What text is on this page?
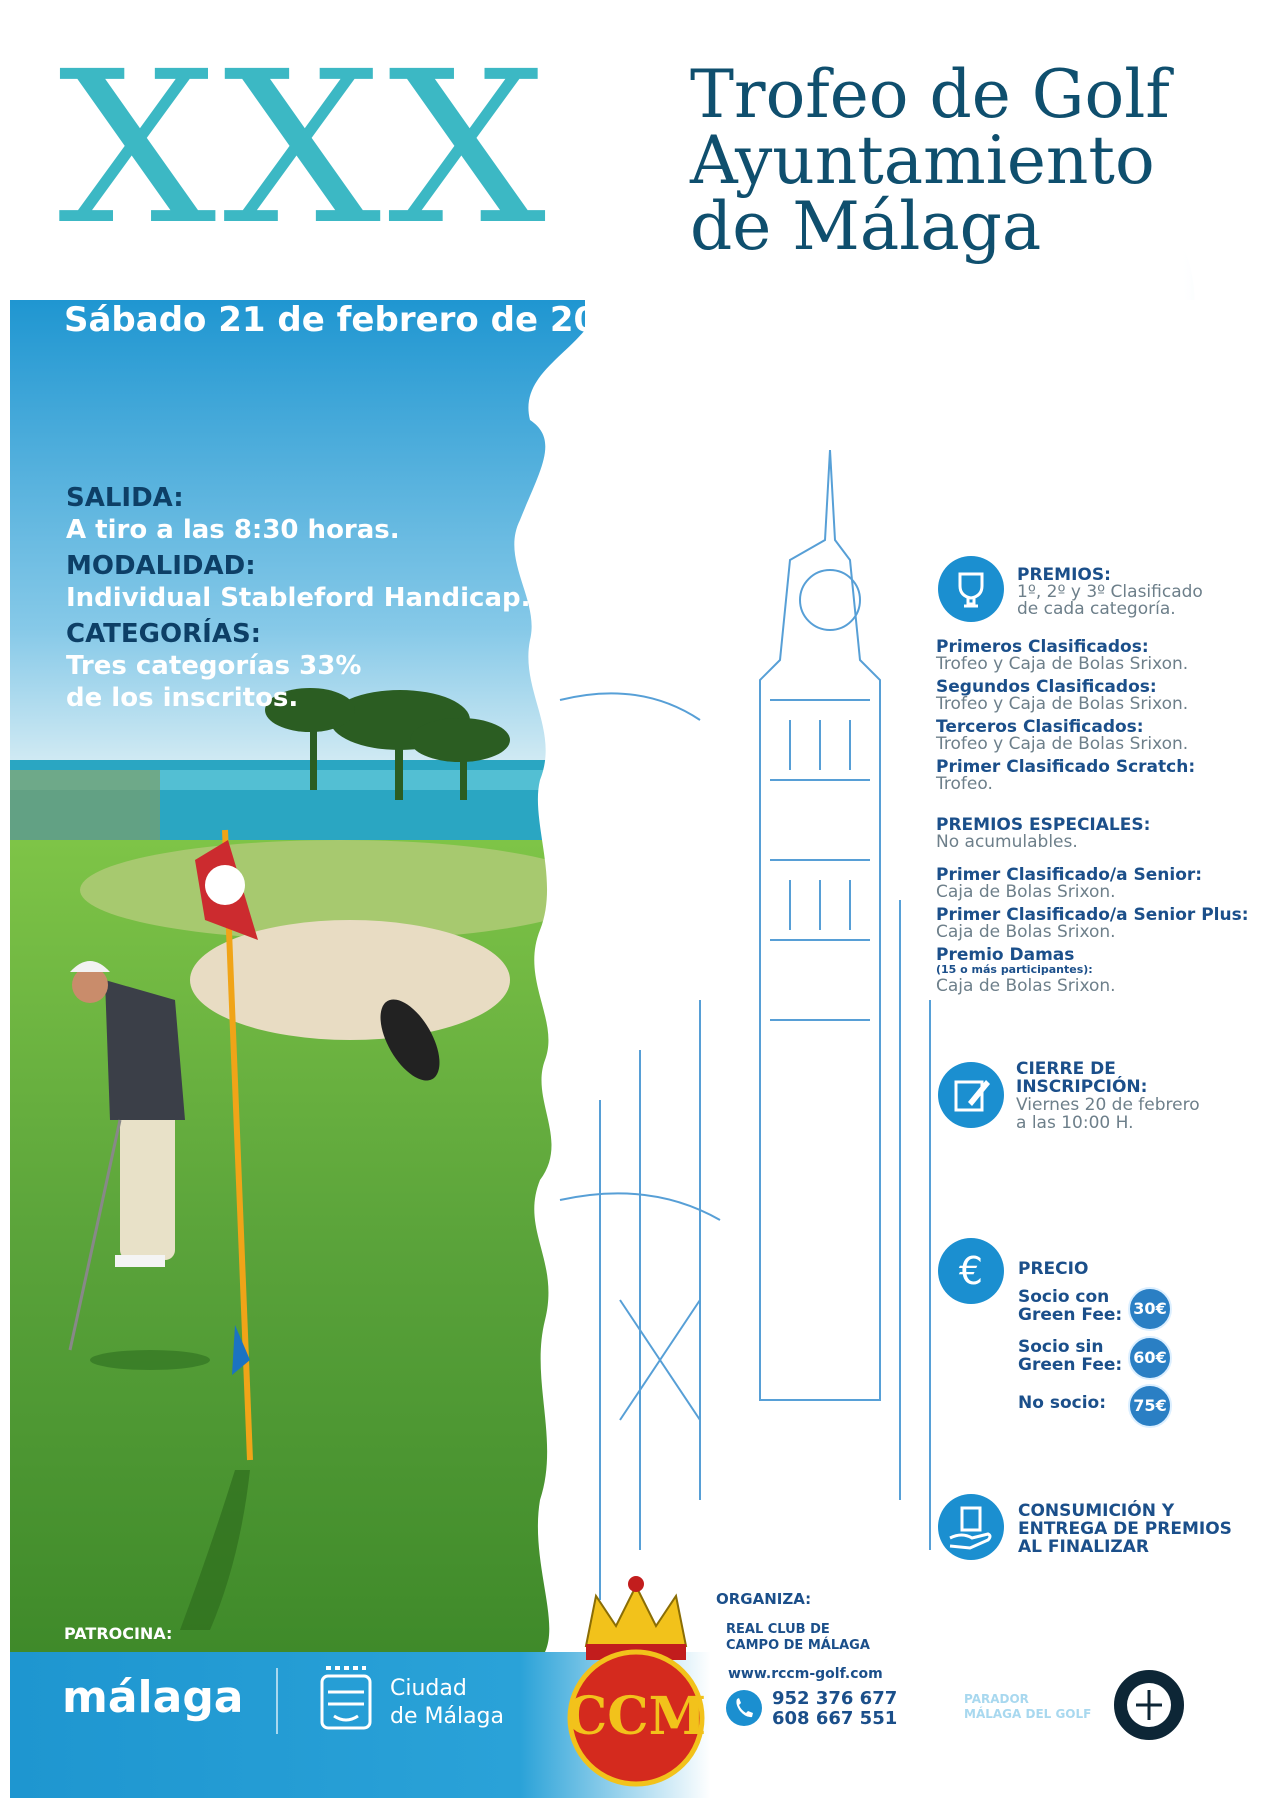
XXX Trofeo de Golf
Ayuntamiento
de Málaga
Sábado 21 de febrero de 2026
SALIDA:
A tiro a las 8:30 horas.
MODALIDAD:
Individual Stableford Handicap.
CATEGORÍAS:
Tres categorías 33%
de los inscritos.
PREMIOS:
1º, 2º y 3º Clasificado
de cada categoría.
Primeros Clasificados:
Trofeo y Caja de Bolas Srixon.
Segundos Clasificados:
Trofeo y Caja de Bolas Srixon.
Terceros Clasificados:
Trofeo y Caja de Bolas Srixon.
Primer Clasificado Scratch:
Trofeo.
PREMIOS ESPECIALES:
No acumulables.
Primer Clasificado/a Senior:
Caja de Bolas Srixon.
Primer Clasificado/a Senior Plus:
Caja de Bolas Srixon.
Premio Damas
(15 o más participantes):
Caja de Bolas Srixon.
CIERRE DE
INSCRIPCIÓN:
Viernes 20 de febrero
a las 10:00 H.
€ PRECIO
Socio con
Green Fee: 30€
Socio sin
Green Fee: 60€
No socio:	75€
CONSUMICIÓN Y
ENTREGA DE PREMIOS
AL FINALIZAR
PATROCINA:
málaga	Ciudad
de Málaga CCM
ORGANIZA:
REAL CLUB DE
CAMPO DE MÁLAGA
www.rccm-golf.com
952 376 677
608 667 551
LUGAR:
PARADOR
MÁLAGA DEL GOLF
